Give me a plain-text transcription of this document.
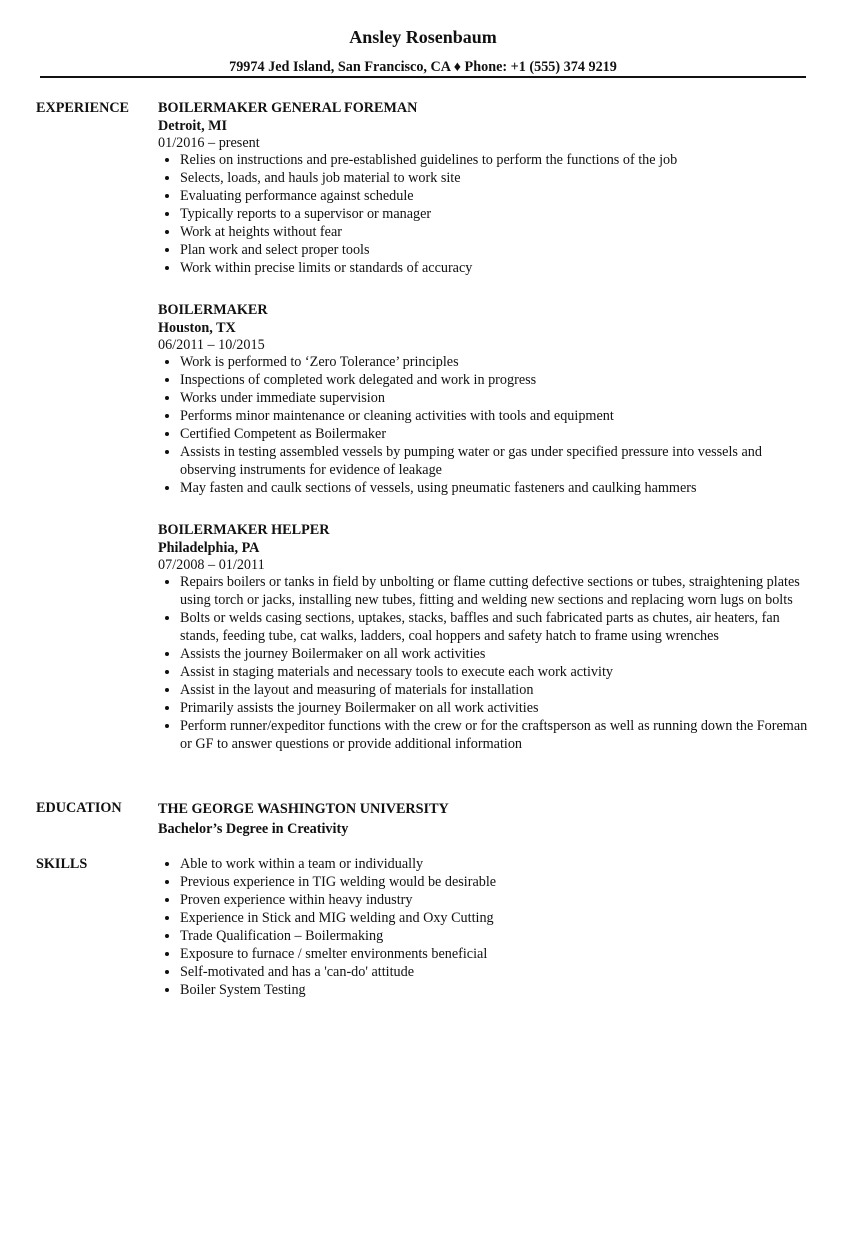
Ansley Rosenbaum
79974 Jed Island, San Francisco, CA ♦ Phone: +1 (555) 374 9219
EXPERIENCE BOILERMAKER GENERAL FOREMAN
Detroit, MI
01/2016 – present
Relies on instructions and pre-established guidelines to perform the functions of the job
Selects, loads, and hauls job material to work site
Evaluating performance against schedule
Typically reports to a supervisor or manager
Work at heights without fear
Plan work and select proper tools
Work within precise limits or standards of accuracy
BOILERMAKER
Houston, TX
06/2011 – 10/2015
Work is performed to ‘Zero Tolerance’ principles
Inspections of completed work delegated and work in progress
Works under immediate supervision
Performs minor maintenance or cleaning activities with tools and equipment
Certified Competent as Boilermaker
Assists in testing assembled vessels by pumping water or gas under specified pressure into vessels and observing instruments for evidence of leakage
May fasten and caulk sections of vessels, using pneumatic fasteners and caulking hammers
BOILERMAKER HELPER
Philadelphia, PA
07/2008 – 01/2011
Repairs boilers or tanks in field by unbolting or flame cutting defective sections or tubes, straightening plates using torch or jacks, installing new tubes, fitting and welding new sections and replacing worn lugs on bolts
Bolts or welds casing sections, uptakes, stacks, baffles and such fabricated parts as chutes, air heaters, fan stands, feeding tube, cat walks, ladders, coal hoppers and safety hatch to frame using wrenches
Assists the journey Boilermaker on all work activities
Assist in staging materials and necessary tools to execute each work activity
Assist in the layout and measuring of materials for installation
Primarily assists the journey Boilermaker on all work activities
Perform runner/expeditor functions with the crew or for the craftsperson as well as running down the Foreman or GF to answer questions or provide additional information
EDUCATION	THE GEORGE WASHINGTON UNIVERSITY
Bachelor’s Degree in Creativity
SKILLS	Able to work within a team or individually
Previous experience in TIG welding would be desirable
Proven experience within heavy industry
Experience in Stick and MIG welding and Oxy Cutting
Trade Qualification – Boilermaking
Exposure to furnace / smelter environments beneficial
Self-motivated and has a 'can-do' attitude
Boiler System Testing
